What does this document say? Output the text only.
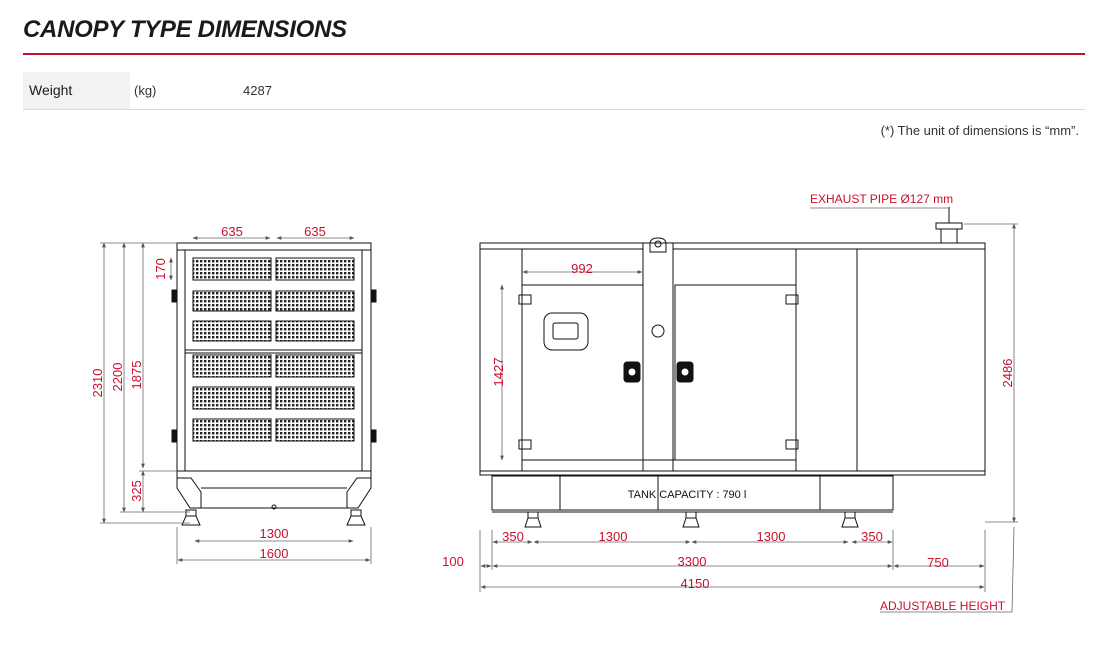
CANOPY TYPE DIMENSIONS
Weight	(kg)	4287
(*) The unit of dimensions is “mm”.
635	635
170
2310 2200 1875
325
1300
1600
EXHAUST PIPE Ø127 mm
992
1427	2486
TANK CAPACITY : 790 l
350	1300	1300	350
100	3300	750
4150
ADJUSTABLE HEIGHT
